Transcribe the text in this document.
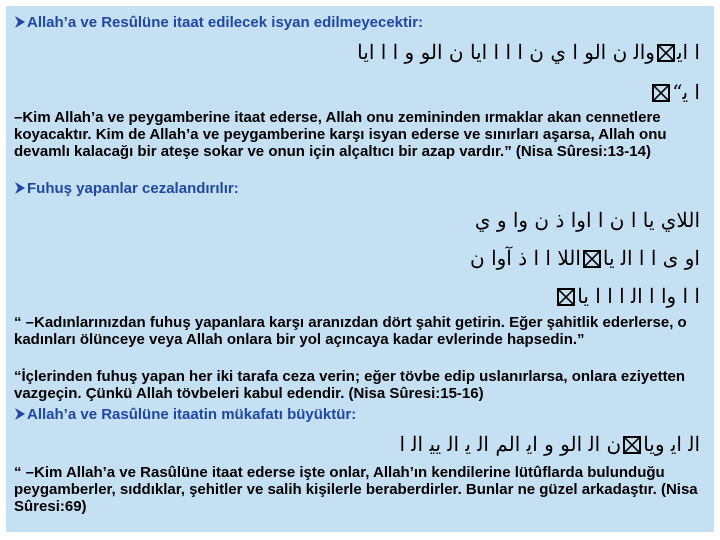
Allah’a ve Resûlüne itaat edilecek isyan edilmeyecektir:
ﺍ ﺍﻳ
ﻭﺍﻟ ﻥ ﺍﻟﻮ ﺍ ﻱ ﻥ ﺍ ﺍ ﺍ ﺍﻳﺎ ﻥ ﺍﻟﻮ ﻭ ﺍ ﺍ ﺍﻳﺎ
ﺍ ﻳ“
–Kim Allah’a ve peygamberine itaat ederse, Allah onu zemininden ırmaklar akan cennetlere koyacaktır. Kim de Allah’a ve peygamberine karşı isyan ederse ve sınırları aşarsa, Allah onu devamlı kalacağı bir ateşe sokar ve onun için alçaltıcı bir azap vardır.” (Nisa Sûresi:13-14)
Fuhuş yapanlar cezalandırılır:
ﺍﻟﻼﻱ ﻳﺎ ﺍ ﻥ ﺍ ﺍﻭﺍ ﺫ ﻥ ﻭﺍ ﻭ ﻱ
ﺍﻭ ﻯ ﺍ ﺍ ﺍﻟ ﻳﺎ
ﺍﻟﻼ ﺍ ﺍ ﺫ ﺁﻭﺍ ﻥ
ﺍ ﺍ ﻭﺍ ﺍ ﺍﻟ ﺍ ﺍ ﺍ ﻳﺎ
“ –Kadınlarınızdan fuhuş yapanlara karşı aranızdan dört şahit getirin. Eğer şahitlik ederlerse, o kadınları ölünceye veya Allah onlara bir yol açıncaya kadar evlerinde hapsedin.”
“İçlerinden fuhuş yapan her iki tarafa ceza verin; eğer tövbe edip uslanırlarsa, onlara eziyetten vazgeçin. Çünkü Allah tövbeleri kabul edendir. (Nisa Sûresi:15-16)
Allah’a ve Rasûlüne itaatin mükafatı büyüktür:
ﺍﻟ ﺍﻳ ﻭﻳﺎ
ﻥ ﺍﻟ ﺍﻟﻮ ﻭ ﺍﻳ ﺍﻟﻢ ﺍﻟ ﻳ ﺍﻟ ﻳﻴ ﺍﻟ ﺍ
“ –Kim Allah’a ve Rasûlüne itaat ederse işte onlar, Allah’ın kendilerine lütûflarda bulunduğu peygamberler, sıddıklar, şehitler ve salih kişilerle beraberdirler. Bunlar ne güzel arkadaştır. (Nisa Sûresi:69)
